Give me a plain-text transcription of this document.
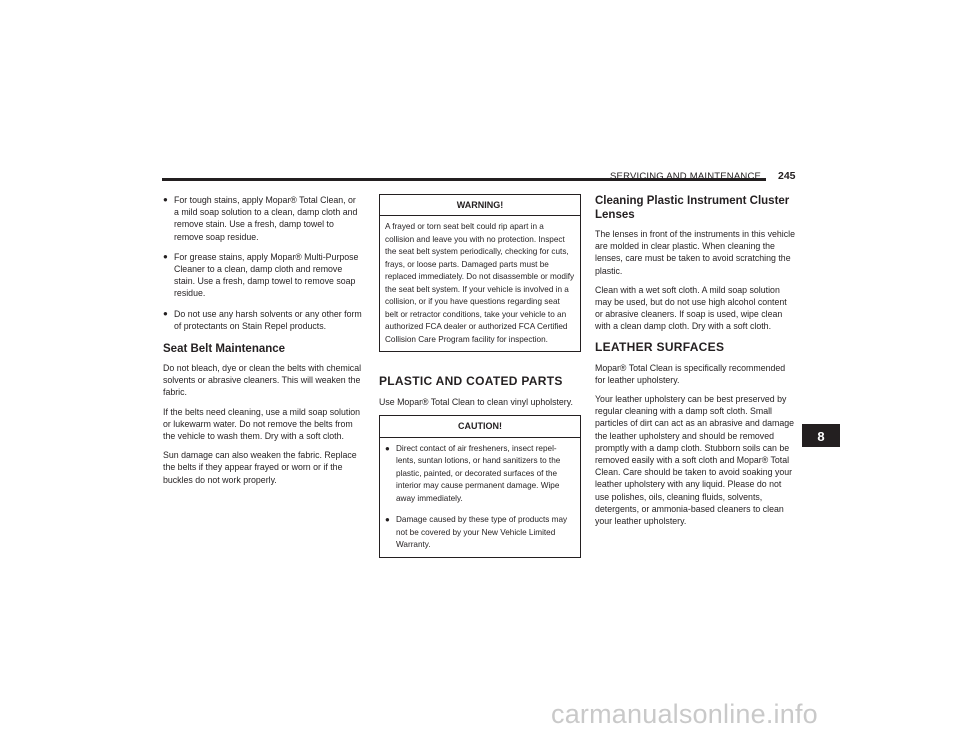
SERVICING AND MAINTENANCE 245
● For tough stains, apply Mopar® Total Clean, or a mild soap solution to a clean, damp cloth and remove stain. Use a fresh, damp towel to remove soap residue.
● For grease stains, apply Mopar® Multi-Purpose Cleaner to a clean, damp cloth and remove stain. Use a fresh, damp towel to remove soap residue.
● Do not use any harsh solvents or any other form of protectants on Stain Repel products.
Seat Belt Maintenance

Do not bleach, dye or clean the belts with chemical solvents or abrasive cleaners. This will weaken the fabric.

If the belts need cleaning, use a mild soap solution or lukewarm water. Do not remove the belts from the vehicle to wash them. Dry with a soft cloth.

Sun damage can also weaken the fabric. Replace the belts if they appear frayed or worn or if the buckles do not work properly.

WARNING!
A frayed or torn seat belt could rip apart in a collision and leave you with no protection. Inspect the seat belt system periodically, checking for cuts, frays, or loose parts. Damaged parts must be replaced immediately. Do not disassemble or modify the seat belt system. If your vehicle is involved in a collision, or if you have questions regarding seat belt or retractor conditions, take your vehicle to an authorized FCA dealer or authorized FCA Certified Collision Care Program facility for inspection.
PLASTIC AND COATED PARTS

Use Mopar® Total Clean to clean vinyl upholstery.

CAUTION!
● Direct contact of air fresheners, insect repel-lents, suntan lotions, or hand sanitizers to the plastic, painted, or decorated surfaces of the interior may cause permanent damage. Wipe away immediately.
● Damage caused by these type of products may not be covered by your New Vehicle Limited Warranty.
Cleaning Plastic Instrument Cluster Lenses

The lenses in front of the instruments in this vehicle are molded in clear plastic. When cleaning the lenses, care must be taken to avoid scratching the plastic.

Clean with a wet soft cloth. A mild soap solution may be used, but do not use high alcohol content or abrasive cleaners. If soap is used, wipe clean with a clean damp cloth. Dry with a soft cloth.

LEATHER SURFACES

Mopar® Total Clean is specifically recommended for leather upholstery.

Your leather upholstery can be best preserved by regular cleaning with a damp soft cloth. Small particles of dirt can act as an abrasive and damage the leather upholstery and should be removed promptly with a damp cloth. Stubborn soils can be removed easily with a soft cloth and Mopar® Total Clean. Care should be taken to avoid soaking your leather upholstery with any liquid. Please do not use polishes, oils, cleaning fluids, solvents, detergents, or ammonia-based cleaners to clean your leather upholstery.

8
carmanualsonline.info
